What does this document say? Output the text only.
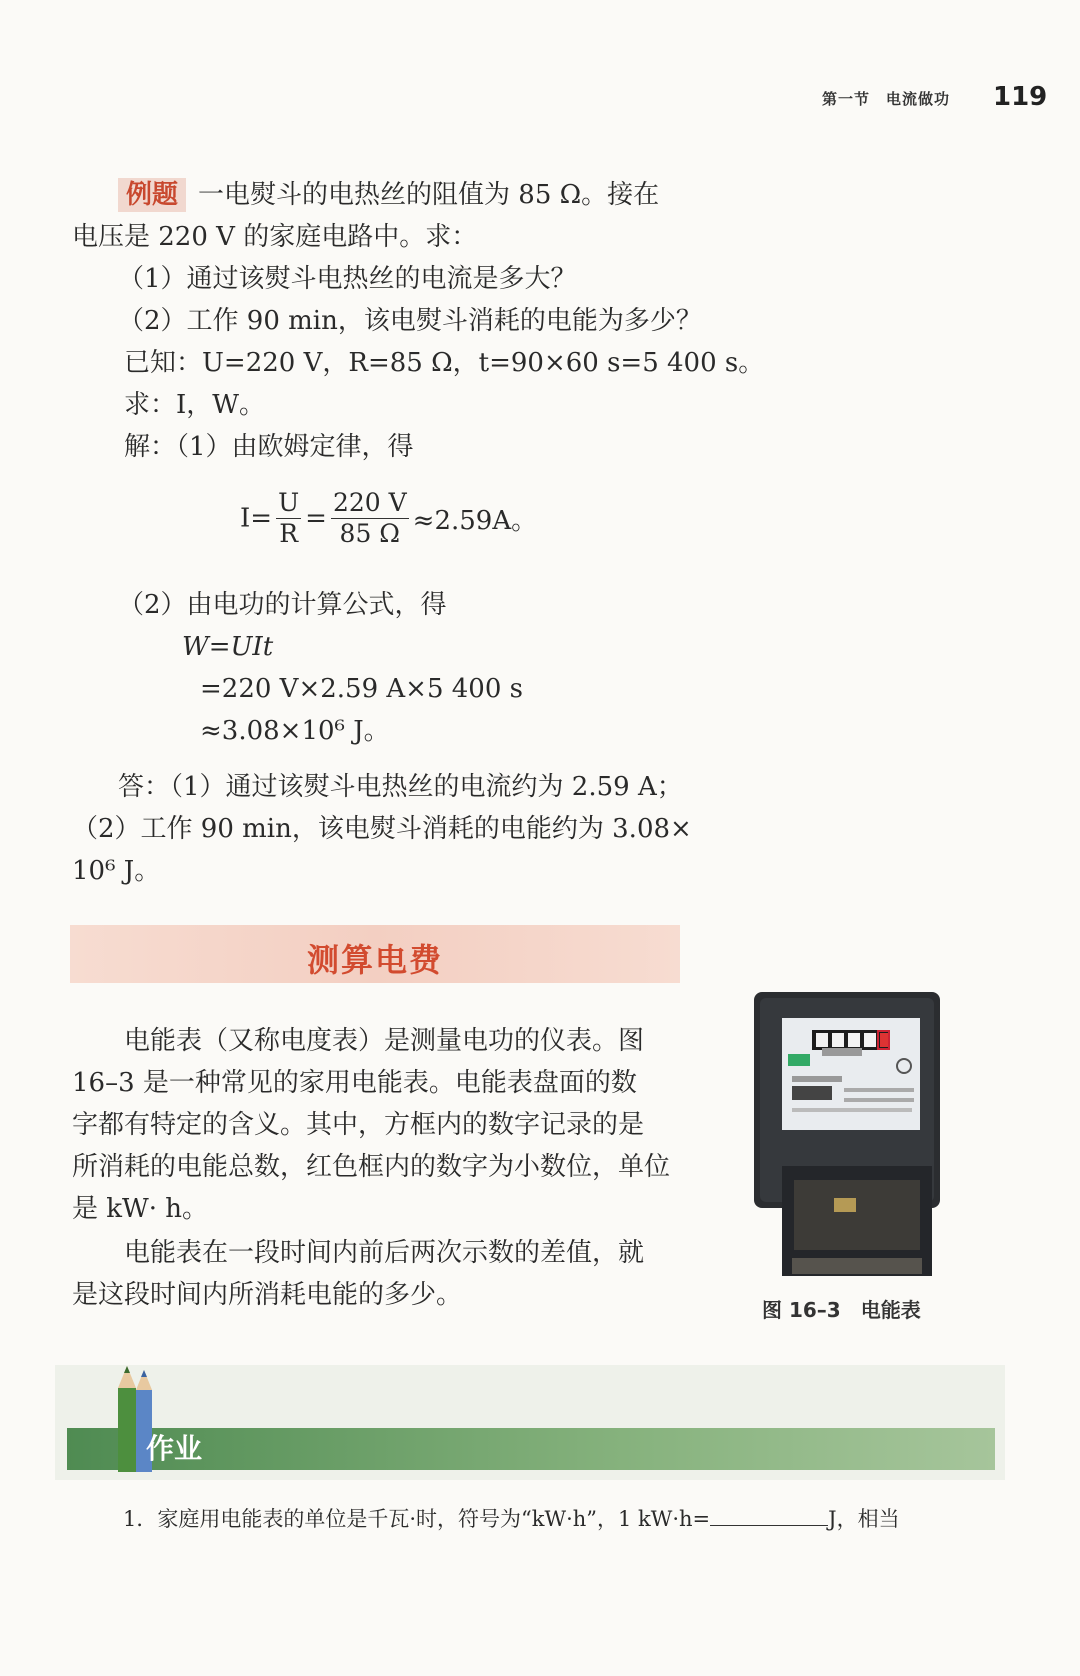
第一节　电流做功 119
例题 一电熨斗的电热丝的阻值为 85 Ω。接在
电压是 220 V 的家庭电路中。求：
（1）通过该熨斗电热丝的电流是多大？
（2）工作 90 min，该电熨斗消耗的电能为多少？
已知：U=220 V，R=85 Ω，t=90×60 s=5 400 s。
求：I，W。
解：（1）由欧姆定律，得
$I= \frac{U}{R} = \frac{220 V}{85 \Omega} \approx 2.59A$。
（2）由电功的计算公式，得
W=UIt
=220 V×2.59 A×5 400 s
≈3.08×10⁶ J。
答：（1）通过该熨斗电热丝的电流约为 2.59 A；
（2）工作 90 min，该电熨斗消耗的电能约为 3.08×
10⁶ J。
测算电费
电能表（又称电度表）是测量电功的仪表。图
16–3 是一种常见的家用电能表。电能表盘面的数
字都有特定的含义。其中，方框内的数字记录的是
所消耗的电能总数，红色框内的数字为小数位，单位
是 kW· h。
电能表在一段时间内前后两次示数的差值，就
是这段时间内所消耗电能的多少。	图 16–3　电能表
作业
1．家庭用电能表的单位是千瓦·时，符号为“kW·h”，1 kW·h=	J，相当
